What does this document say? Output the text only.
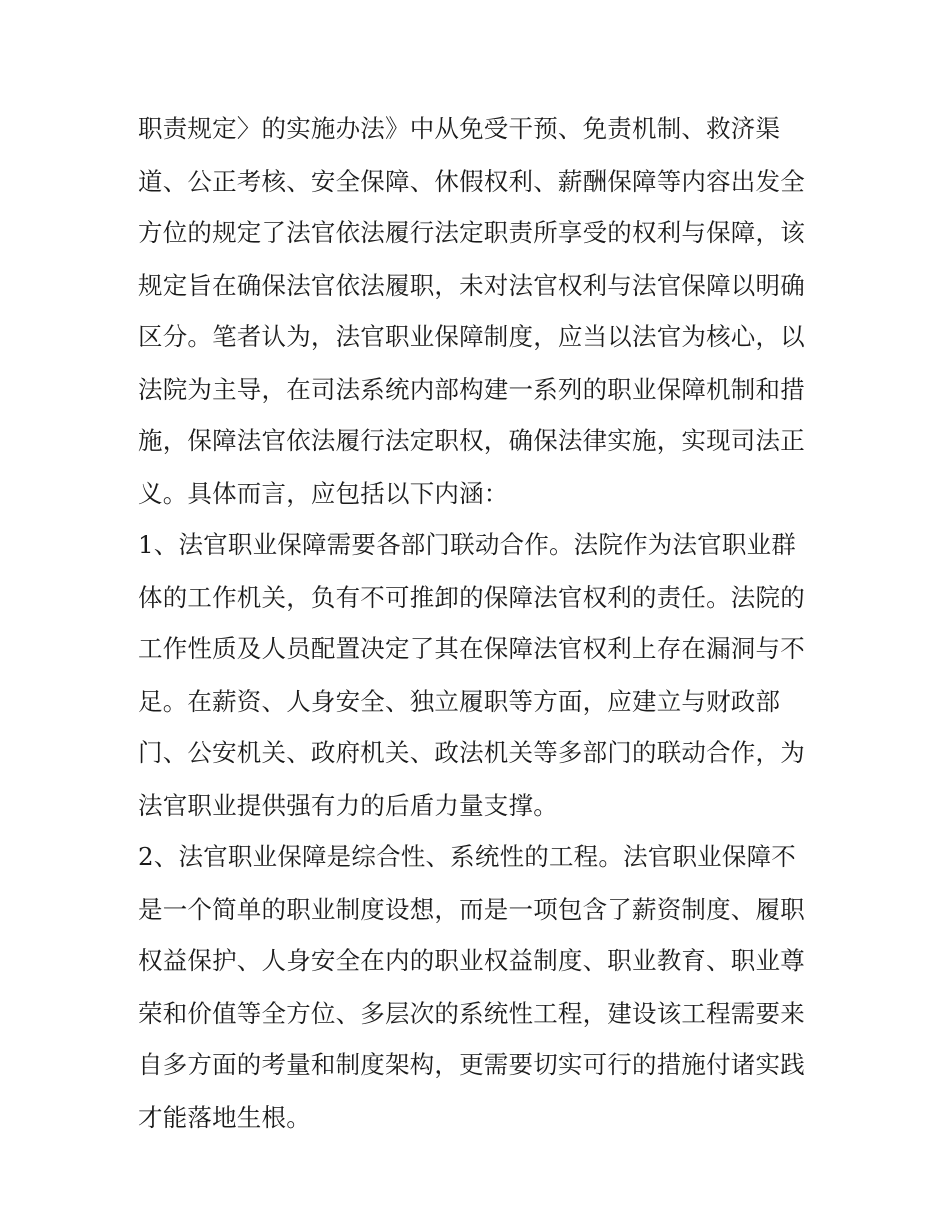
职责规定〉的实施办法》中从免受干预、免责机制、救济渠
道、公正考核、安全保障、休假权利、薪酬保障等内容出发全
方位的规定了法官依法履行法定职责所享受的权利与保障，该
规定旨在确保法官依法履职，未对法官权利与法官保障以明确
区分。笔者认为，法官职业保障制度，应当以法官为核心，以
法院为主导，在司法系统内部构建一系列的职业保障机制和措
施，保障法官依法履行法定职权，确保法律实施，实现司法正
义。具体而言，应包括以下内涵：
1、法官职业保障需要各部门联动合作。法院作为法官职业群
体的工作机关，负有不可推卸的保障法官权利的责任。法院的
工作性质及人员配置决定了其在保障法官权利上存在漏洞与不
足。在薪资、人身安全、独立履职等方面，应建立与财政部
门、公安机关、政府机关、政法机关等多部门的联动合作，为
法官职业提供强有力的后盾力量支撑。
2、法官职业保障是综合性、系统性的工程。法官职业保障不
是一个简单的职业制度设想，而是一项包含了薪资制度、履职
权益保护、人身安全在内的职业权益制度、职业教育、职业尊
荣和价值等全方位、多层次的系统性工程，建设该工程需要来
自多方面的考量和制度架构，更需要切实可行的措施付诸实践
才能落地生根。
